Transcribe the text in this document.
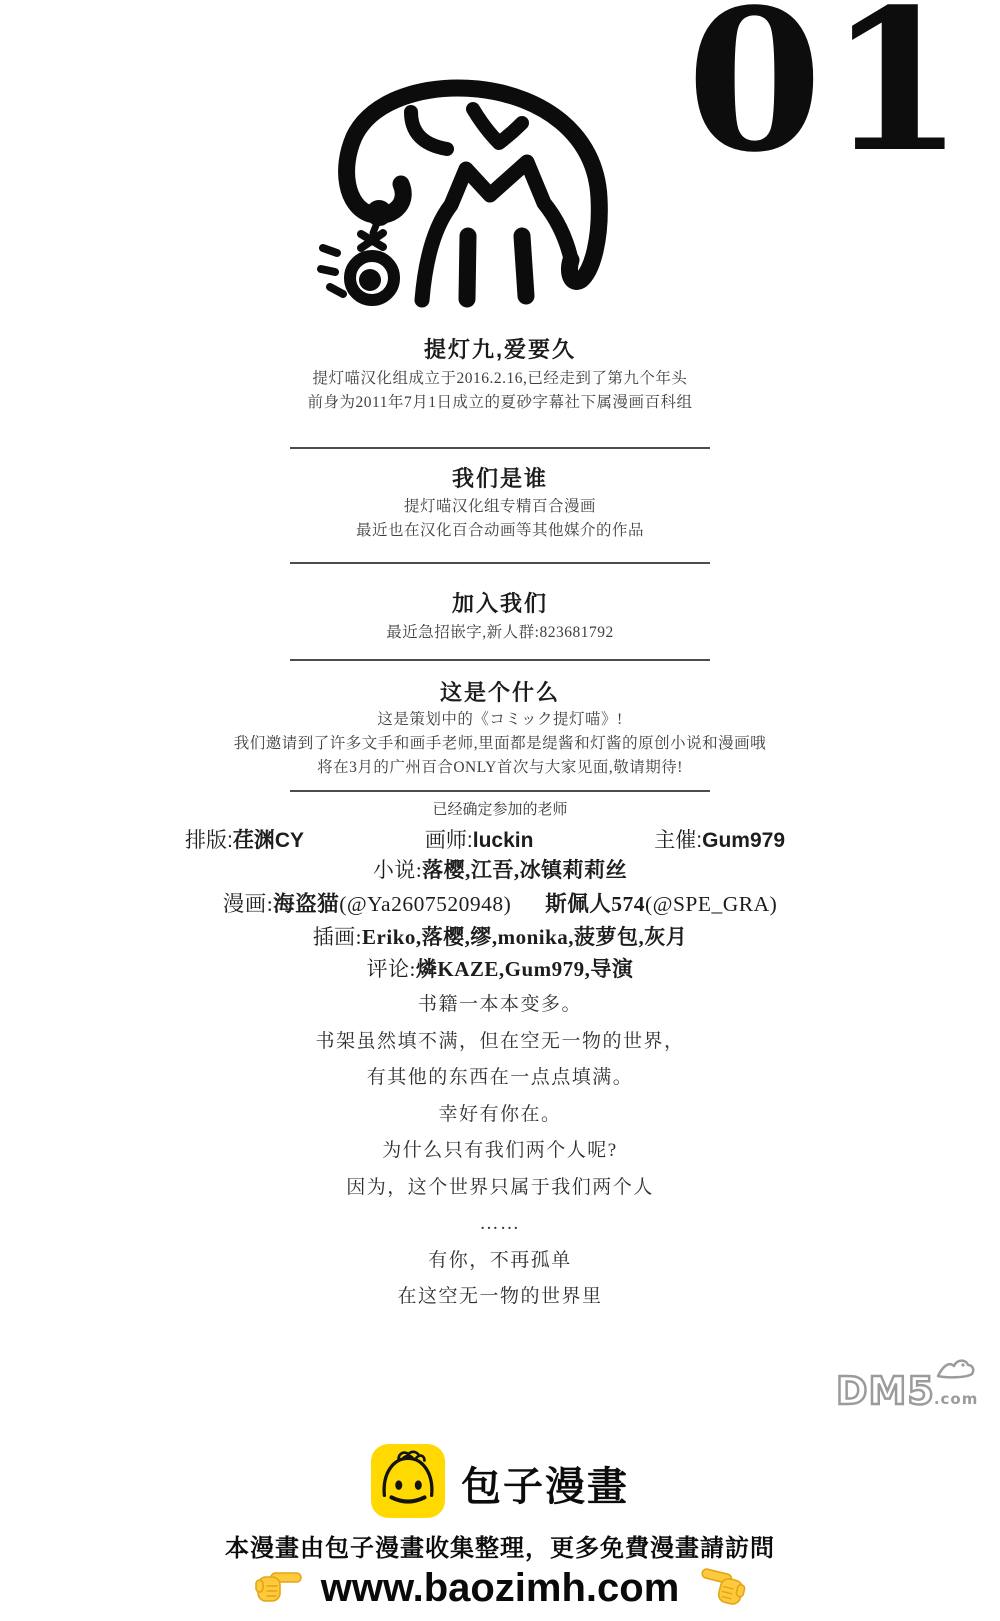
01
提灯九,爱要久
提灯喵汉化组成立于2016.2.16,已经走到了第九个年头
前身为2011年7月1日成立的夏砂字幕社下属漫画百科组
我们是谁
提灯喵汉化组专精百合漫画
最近也在汉化百合动画等其他媒介的作品
加入我们
最近急招嵌字,新人群:823681792
这是个什么
这是策划中的《コミック提灯喵》!
我们邀请到了许多文手和画手老师,里面都是缇酱和灯酱的原创小说和漫画哦
将在3月的广州百合ONLY首次与大家见面,敬请期待!
已经确定参加的老师
排版:荏渊CY	画师:luckin	主催:Gum979
小说:落樱,江吾,冰镇莉莉丝
漫画:海盗猫(@Ya2607520948) 斯佩人574(@SPE_GRA)
插画:Eriko,落樱,缪,monika,菠萝包,灰月
评论:燐KAZE,Gum979,导演
书籍一本本变多。
书架虽然填不满，但在空无一物的世界，
有其他的东西在一点点填满。
幸好有你在。
为什么只有我们两个人呢?
因为，这个世界只属于我们两个人
……
有你，不再孤单
在这空无一物的世界里
DM5.com
包子漫畫
本漫畫由包子漫畫收集整理，更多免費漫畫請訪問
www.baozimh.com
